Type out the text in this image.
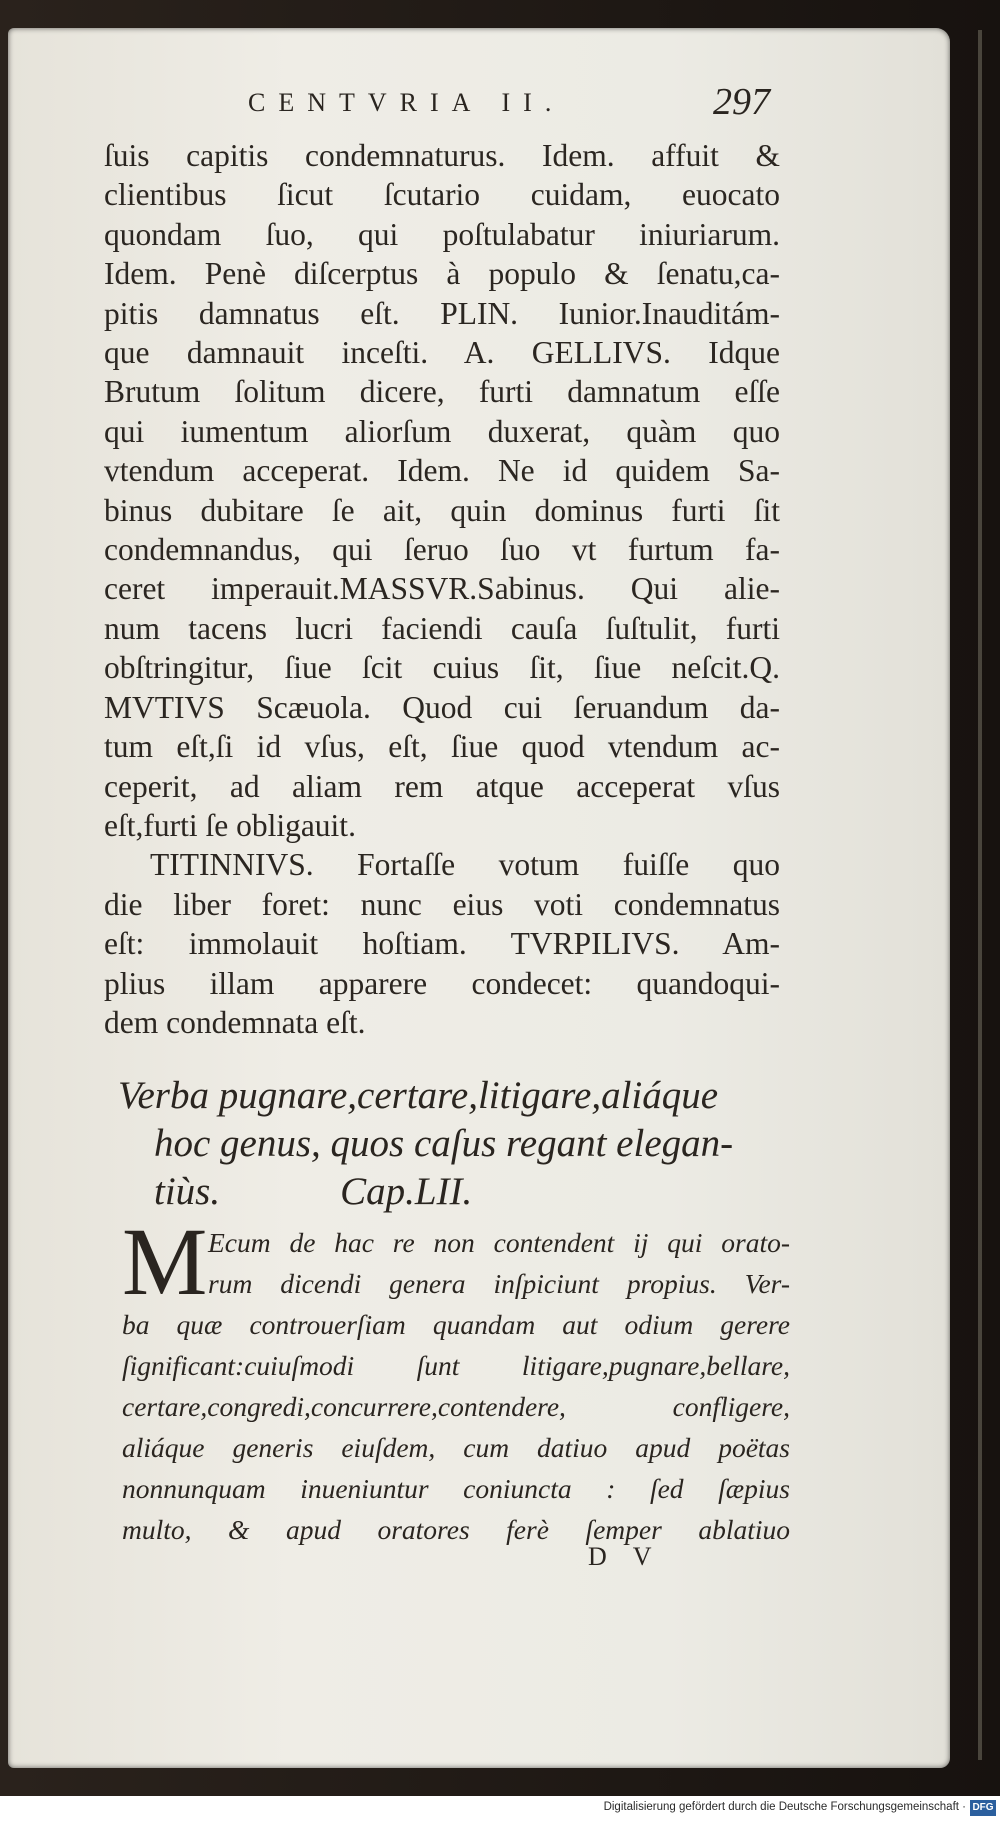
CENTVRIA II.	297
ſuis capitis condemnaturus. Idem. affuit &
clientibus ſicut ſcutario cuidam, euocato
quondam ſuo, qui poſtulabatur iniuriarum.
Idem. Penè diſcerptus à populo & ſenatu,ca-
pitis damnatus eſt. PLIN. Iunior.Inauditám-
que damnauit inceſti. A. GELLIVS. Idque
Brutum ſolitum dicere, furti damnatum eſſe
qui iumentum aliorſum duxerat, quàm quo
vtendum acceperat. Idem. Ne id quidem Sa-
binus dubitare ſe ait, quin dominus furti ſit
condemnandus, qui ſeruo ſuo vt furtum fa-
ceret imperauit.MASSVR.Sabinus. Qui alie-
num tacens lucri faciendi cauſa ſuſtulit, furti
obſtringitur, ſiue ſcit cuius ſit, ſiue neſcit.Q.
MVTIVS Scæuola. Quod cui ſeruandum da-
tum eſt,ſi id vſus, eſt, ſiue quod vtendum ac-
ceperit, ad aliam rem atque acceperat vſus
eſt,furti ſe obligauit.
TITINNIVS. Fortaſſe votum fuiſſe quo
die liber foret: nunc eius voti condemnatus
eſt: immolauit hoſtiam. TVRPILIVS. Am-
plius illam apparere condecet: quandoqui-
dem condemnata eſt.
Verba pugnare,certare,litigare,aliáque
hoc genus, quos caſus regant elegan-
tiùs.	Cap.LII.
M Ecum de hac re non contendent ij qui orato-
rum dicendi genera inſpiciunt propius. Ver-
ba quæ controuerſiam quandam aut odium gerere
ſignificant:cuiuſmodi ſunt litigare,pugnare,bellare,
certare,congredi,concurrere,contendere, confligere,
aliáque generis eiuſdem, cum datiuo apud poëtas
nonnunquam inueniuntur coniuncta : ſed ſæpius
multo, & apud oratores ferè ſemper ablatiuo
D V
Digitalisierung gefördert durch die Deutsche Forschungsgemeinschaft · DFG
